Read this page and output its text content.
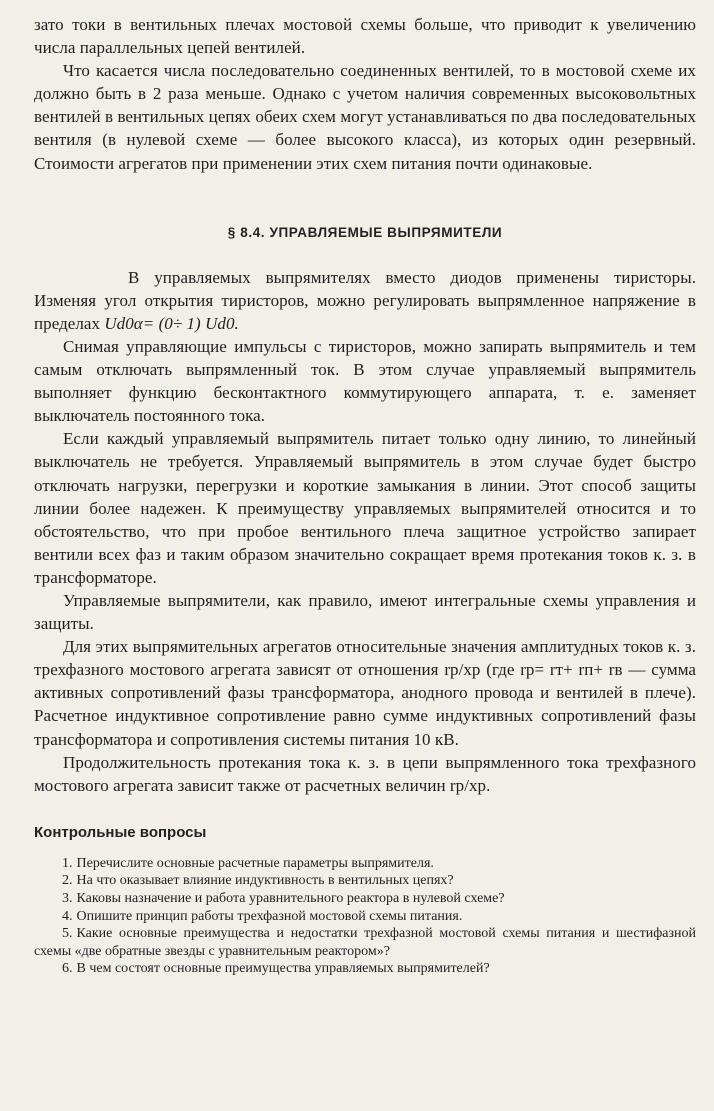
зато токи в вентильных плечах мостовой схемы больше, что приводит к увеличению числа параллельных цепей вентилей.

Что касается числа последовательно соединенных вентилей, то в мостовой схеме их должно быть в 2 раза меньше. Однако с учетом наличия современных высоковольтных вентилей в вентильных цепях обеих схем могут устанавливаться по два последовательных вентиля (в нулевой схеме — более высокого класса), из которых один резервный. Стоимости агрегатов при применении этих схем питания почти одинаковые.

§ 8.4. УПРАВЛЯЕМЫЕ ВЫПРЯМИТЕЛИ

В управляемых выпрямителях вместо диодов применены тиристоры. Изменяя угол открытия тиристоров, можно регулировать выпрямленное напряжение в пределах Ud0α= (0÷ 1) Ud0.

Снимая управляющие импульсы с тиристоров, можно запирать выпрямитель и тем самым отключать выпрямленный ток. В этом случае управляемый выпрямитель выполняет функцию бесконтактного коммутирующего аппарата, т. е. заменяет выключатель постоянного тока.

Если каждый управляемый выпрямитель питает только одну линию, то линейный выключатель не требуется. Управляемый выпрямитель в этом случае будет быстро отключать нагрузки, перегрузки и короткие замыкания в линии. Этот способ защиты линии более надежен. К преимуществу управляемых выпрямителей относится и то обстоятельство, что при пробое вентильного плеча защитное устройство запирает вентили всех фаз и таким образом значительно сокращает время протекания токов к. з. в трансформаторе.

Управляемые выпрямители, как правило, имеют интегральные схемы управления и защиты.

Для этих выпрямительных агрегатов относительные значения амплитудных токов к. з. трехфазного мостового агрегата зависят от отношения rр/xр (где rр= rт+ rп+ rв — сумма активных сопротивлений фазы трансформатора, анодного провода и вентилей в плече). Расчетное индуктивное сопротивление равно сумме индуктивных сопротивлений фазы трансформатора и сопротивления системы питания 10 кВ.

Продолжительность протекания тока к. з. в цепи выпрямленного тока трехфазного мостового агрегата зависит также от расчетных величин rр/xр.

Контрольные вопросы
1. Перечислите основные расчетные параметры выпрямителя.
2. На что оказывает влияние индуктивность в вентильных цепях?
3. Каковы назначение и работа уравнительного реактора в нулевой схеме?
4. Опишите принцип работы трехфазной мостовой схемы питания.
5. Какие основные преимущества и недостатки трехфазной мостовой схемы питания и шестифазной схемы «две обратные звезды с уравнительным реактором»?
6. В чем состоят основные преимущества управляемых выпрямителей?
